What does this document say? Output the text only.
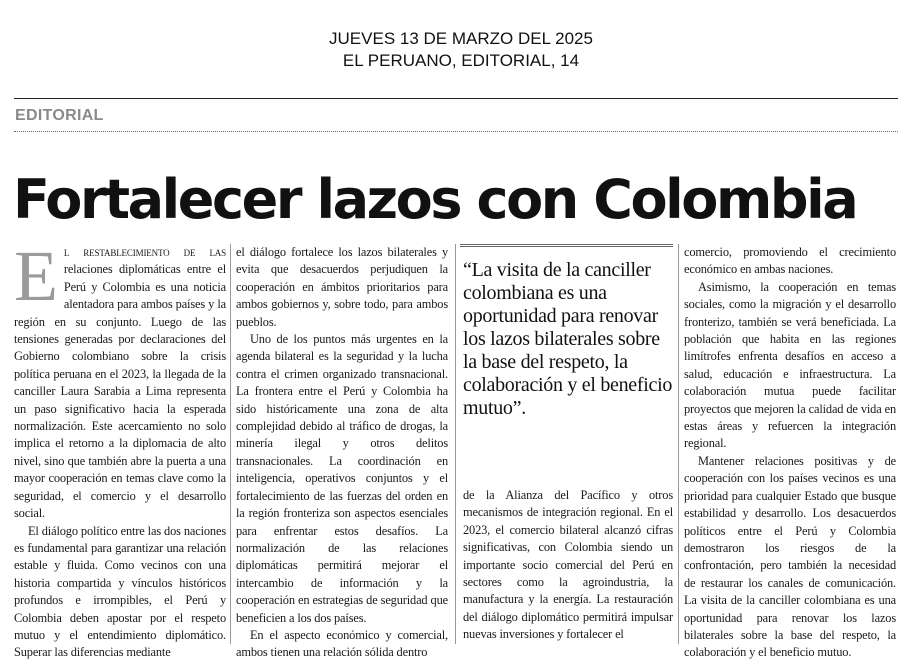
JUEVES 13 DE MARZO DEL 2025
EL PERUANO, EDITORIAL, 14
EDITORIAL
Fortalecer lazos con Colombia

El restablecimiento de las relaciones diplomáticas entre el Perú y Colombia es una noticia alentadora para ambos países y la región en su conjunto. Luego de las tensiones generadas por declaraciones del Gobierno colombiano sobre la crisis política peruana en el 2023, la llegada de la canciller Laura Sarabia a Lima representa un paso significativo hacia la esperada normalización. Este acercamiento no solo implica el retorno a la diplomacia de alto nivel, sino que también abre la puerta a una mayor cooperación en temas clave como la seguridad, el comercio y el desarrollo social.

El diálogo político entre las dos naciones es fundamental para garantizar una relación estable y fluida. Como vecinos con una historia compartida y vínculos históricos profundos e irrompibles, el Perú y Colombia deben apostar por el respeto mutuo y el entendimiento diplomático. Superar las diferencias mediante

el diálogo fortalece los lazos bilaterales y evita que desacuerdos perjudiquen la cooperación en ámbitos prioritarios para ambos gobiernos y, sobre todo, para ambos pueblos.

Uno de los puntos más urgentes en la agenda bilateral es la seguridad y la lucha contra el crimen organizado transnacional. La frontera entre el Perú y Colombia ha sido históricamente una zona de alta complejidad debido al tráfico de drogas, la minería ilegal y otros delitos transnacionales. La coordinación en inteligencia, operativos conjuntos y el fortalecimiento de las fuerzas del orden en la región fronteriza son aspectos esenciales para enfrentar estos desafíos. La normalización de las relaciones diplomáticas permitirá mejorar el intercambio de información y la cooperación en estrategias de seguridad que beneficien a los dos países.

En el aspecto económico y comercial, ambos tienen una relación sólida dentro

“La visita de la canciller colombiana es una oportunidad para renovar los lazos bilaterales sobre la base del respeto, la colaboración y el beneficio mutuo”.

de la Alianza del Pacífico y otros mecanismos de integración regional. En el 2023, el comercio bilateral alcanzó cifras significativas, con Colombia siendo un importante socio comercial del Perú en sectores como la agroindustria, la manufactura y la energía. La restauración del diálogo diplomático permitirá impulsar nuevas inversiones y fortalecer el

comercio, promoviendo el crecimiento económico en ambas naciones.

Asimismo, la cooperación en temas sociales, como la migración y el desarrollo fronterizo, también se verá beneficiada. La población que habita en las regiones limítrofes enfrenta desafíos en acceso a salud, educación e infraestructura. La colaboración mutua puede facilitar proyectos que mejoren la calidad de vida en estas áreas y refuercen la integración regional.

Mantener relaciones positivas y de cooperación con los países vecinos es una prioridad para cualquier Estado que busque estabilidad y desarrollo. Los desacuerdos políticos entre el Perú y Colombia demostraron los riesgos de la confrontación, pero también la necesidad de restaurar los canales de comunicación. La visita de la canciller colombiana es una oportunidad para renovar los lazos bilaterales sobre la base del respeto, la colaboración y el beneficio mutuo.
